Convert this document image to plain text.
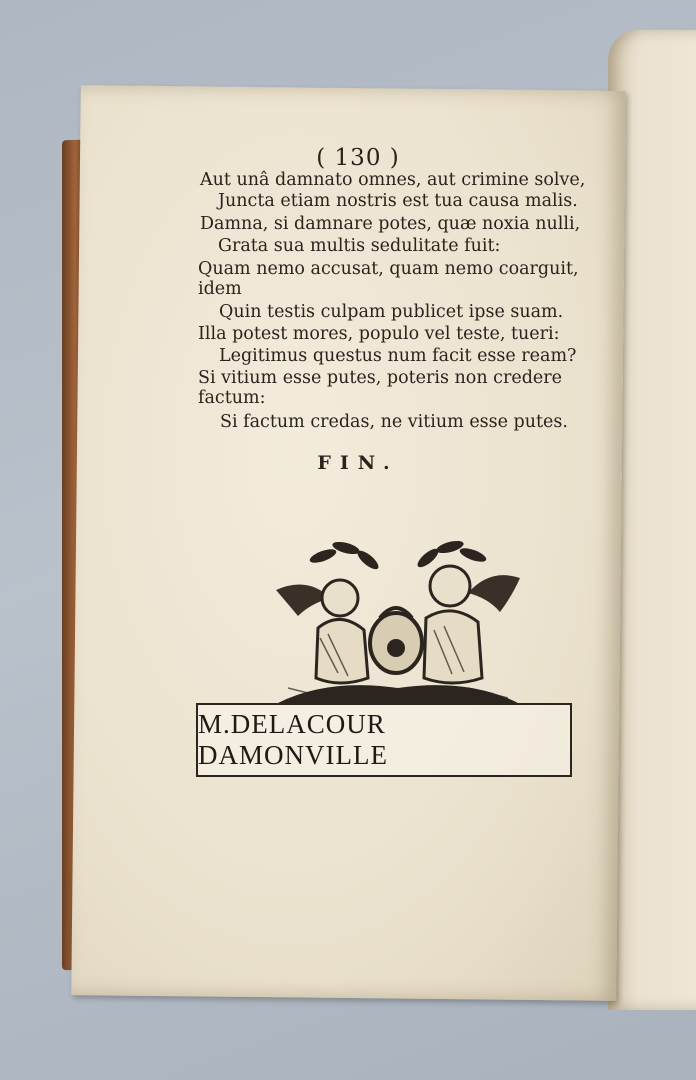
( 130 )
Aut unâ damnato omnes, aut crimine solve,
Juncta etiam nostris est tua causa malis.
Damna, si damnare potes, quæ noxia nulli,
Grata sua multis sedulitate fuit:
Quam nemo accusat, quam nemo coarguit, idem
Quin testis culpam publicet ipse suam.
Illa potest mores, populo vel teste, tueri:
Legitimus questus num facit esse ream?
Si vitium esse putes, poteris non credere factum:
Si factum credas, ne vitium esse putes.
FIN.
M.DELACOUR DAMONVILLE
